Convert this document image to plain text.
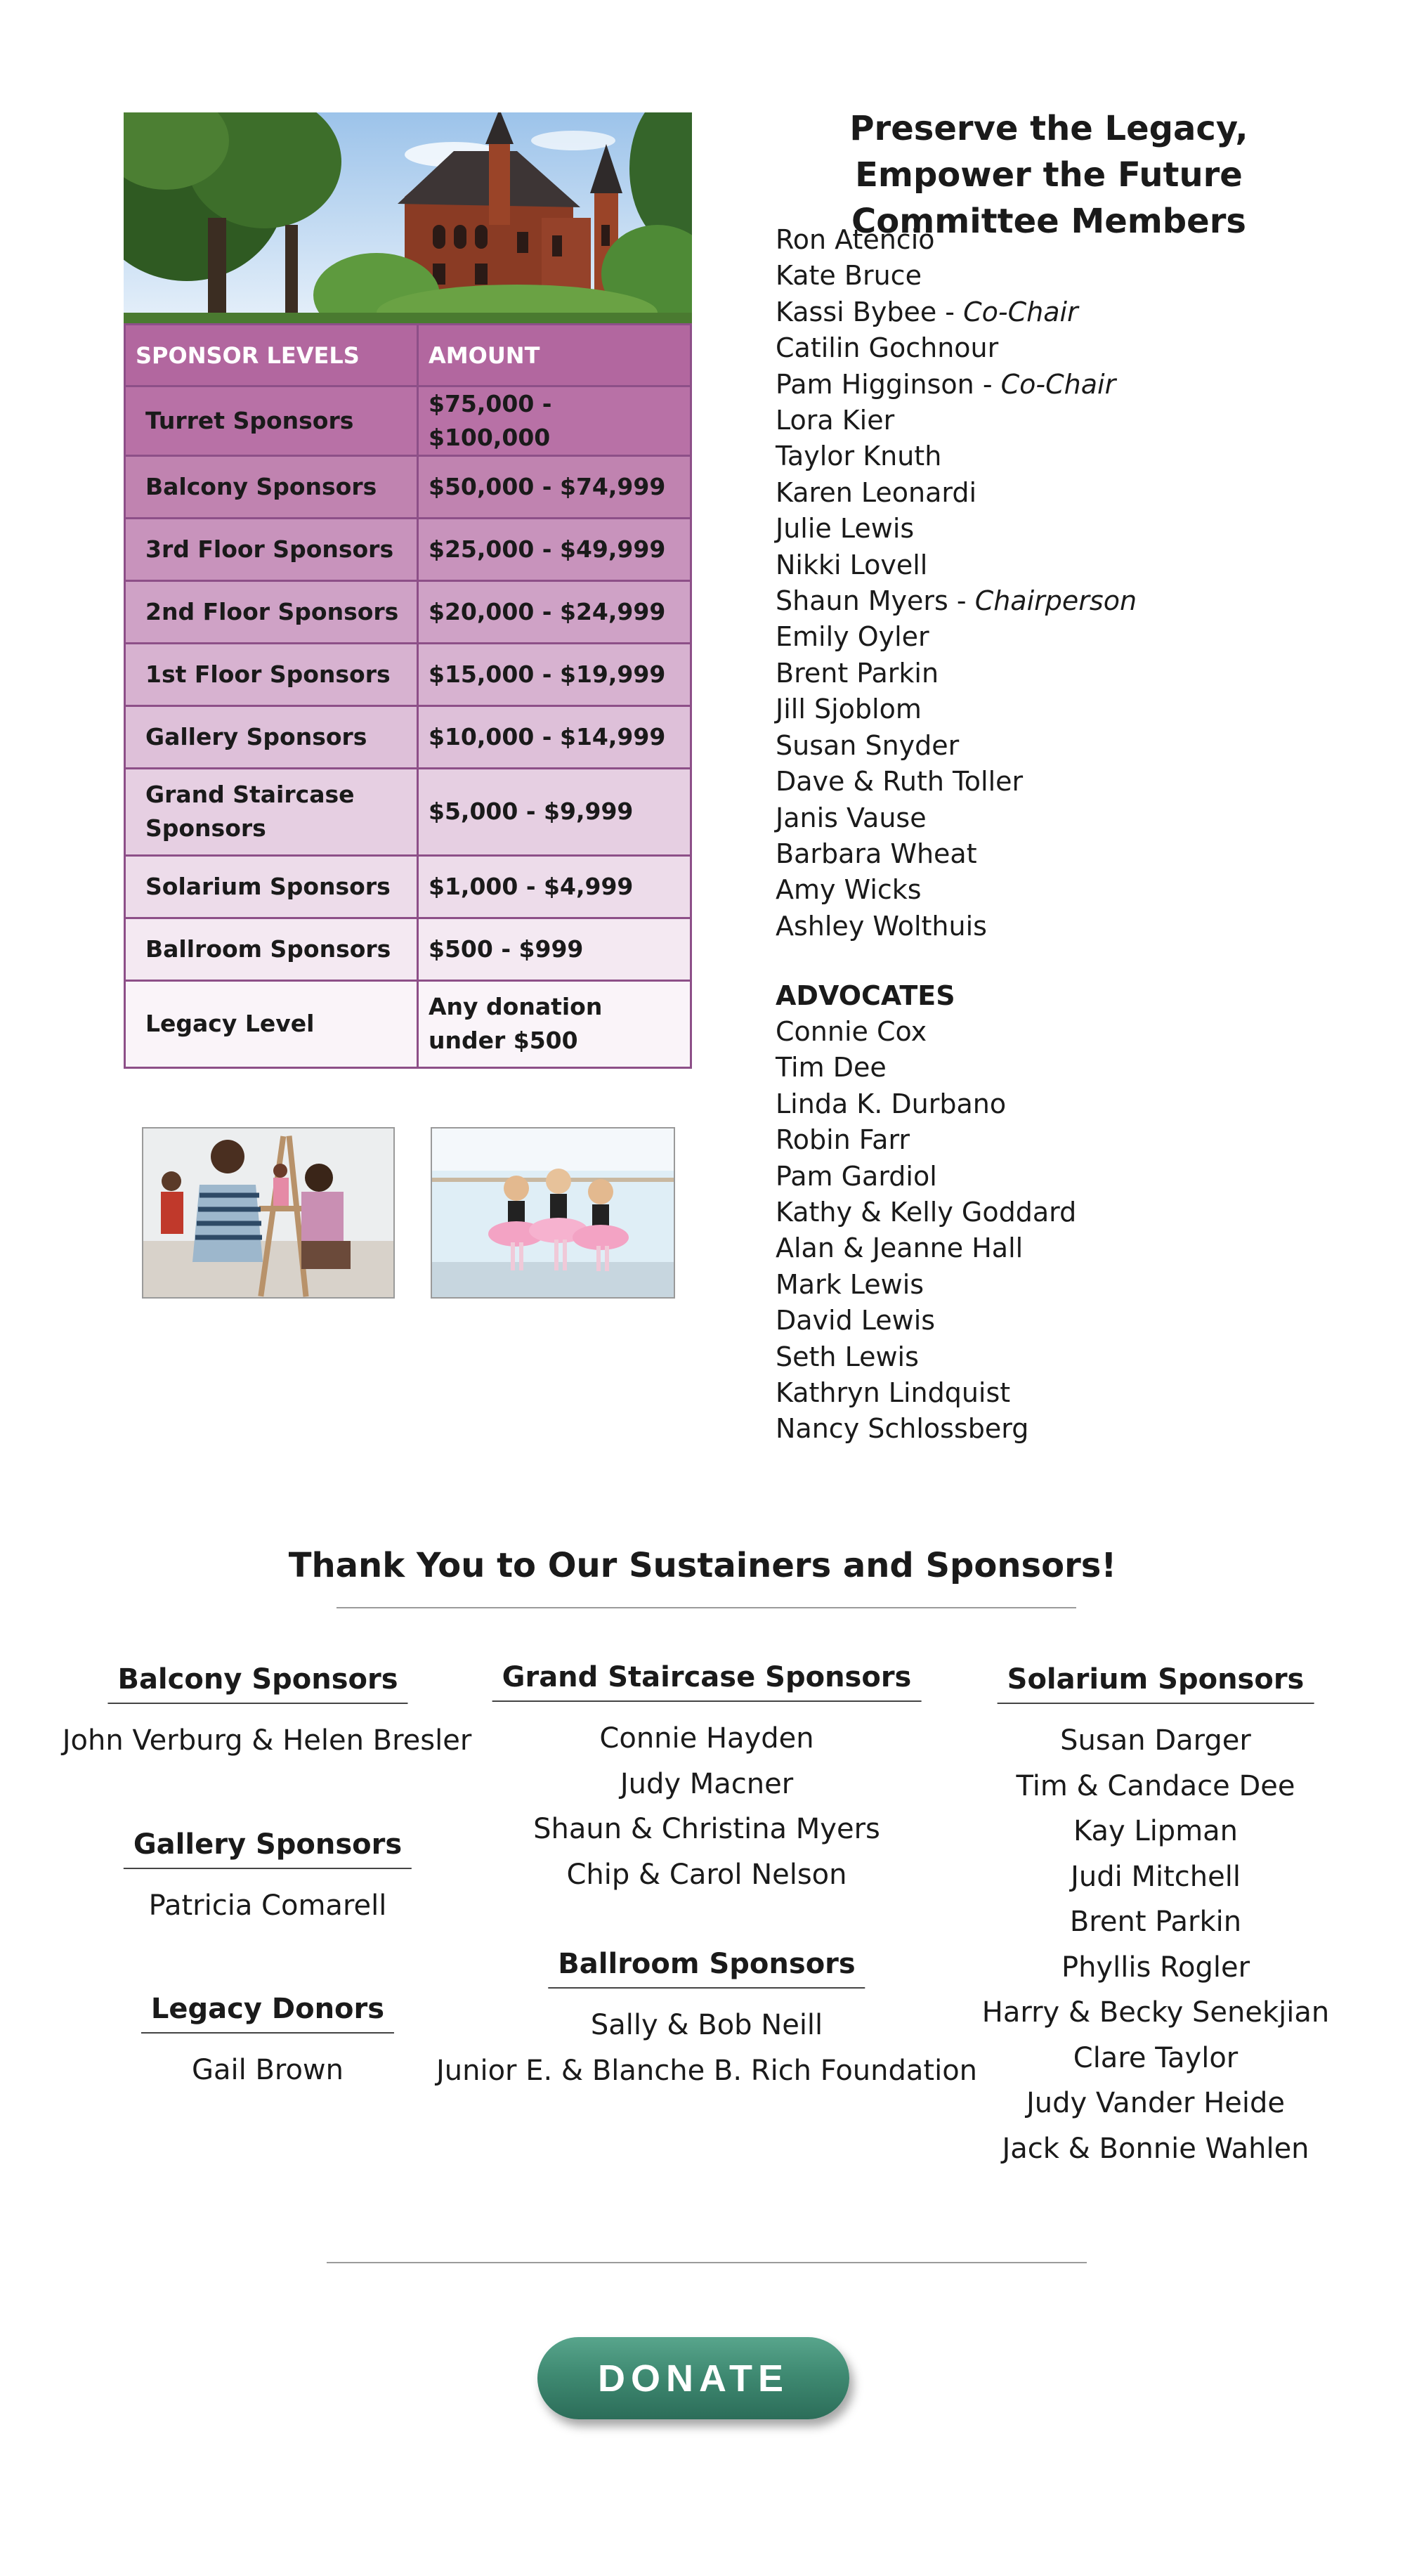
SPONSOR LEVELS	AMOUNT
Turret Sponsors	$75,000 - $100,000
Balcony Sponsors	$50,000 - $74,999
3rd Floor Sponsors	$25,000 - $49,999
2nd Floor Sponsors	$20,000 - $24,999
1st Floor Sponsors	$15,000 - $19,999
Gallery Sponsors	$10,000 - $14,999
Grand Staircase Sponsors	$5,000 - $9,999
Solarium Sponsors	$1,000 - $4,999
Ballroom Sponsors	$500 - $999
Legacy Level	Any donation under $500
Preserve the Legacy, Empower the Future Committee Members
Ron Atencio
Kate Bruce
Kassi Bybee - Co-Chair
Catilin Gochnour
Pam Higginson - Co-Chair
Lora Kier
Taylor Knuth
Karen Leonardi
Julie Lewis
Nikki Lovell
Shaun Myers - Chairperson
Emily Oyler
Brent Parkin
Jill Sjoblom
Susan Snyder
Dave & Ruth Toller
Janis Vause
Barbara Wheat
Amy Wicks
Ashley Wolthuis
ADVOCATES
Connie Cox
Tim Dee
Linda K. Durbano
Robin Farr
Pam Gardiol
Kathy & Kelly Goddard
Alan & Jeanne Hall
Mark Lewis
David Lewis
Seth Lewis
Kathryn Lindquist
Nancy Schlossberg
Thank You to Our Sustainers and Sponsors!
Balcony Sponsors
John Verburg & Helen Bresler
Gallery Sponsors
Patricia Comarell
Legacy Donors
Gail Brown
Grand Staircase Sponsors
Connie Hayden
Judy Macner
Shaun & Christina Myers
Chip & Carol Nelson
Ballroom Sponsors
Sally & Bob Neill
Junior E. & Blanche B. Rich Foundation
Solarium Sponsors
Susan Darger
Tim & Candace Dee
Kay Lipman
Judi Mitchell
Brent Parkin
Phyllis Rogler
Harry & Becky Senekjian
Clare Taylor
Judy Vander Heide
Jack & Bonnie Wahlen
DONATE
